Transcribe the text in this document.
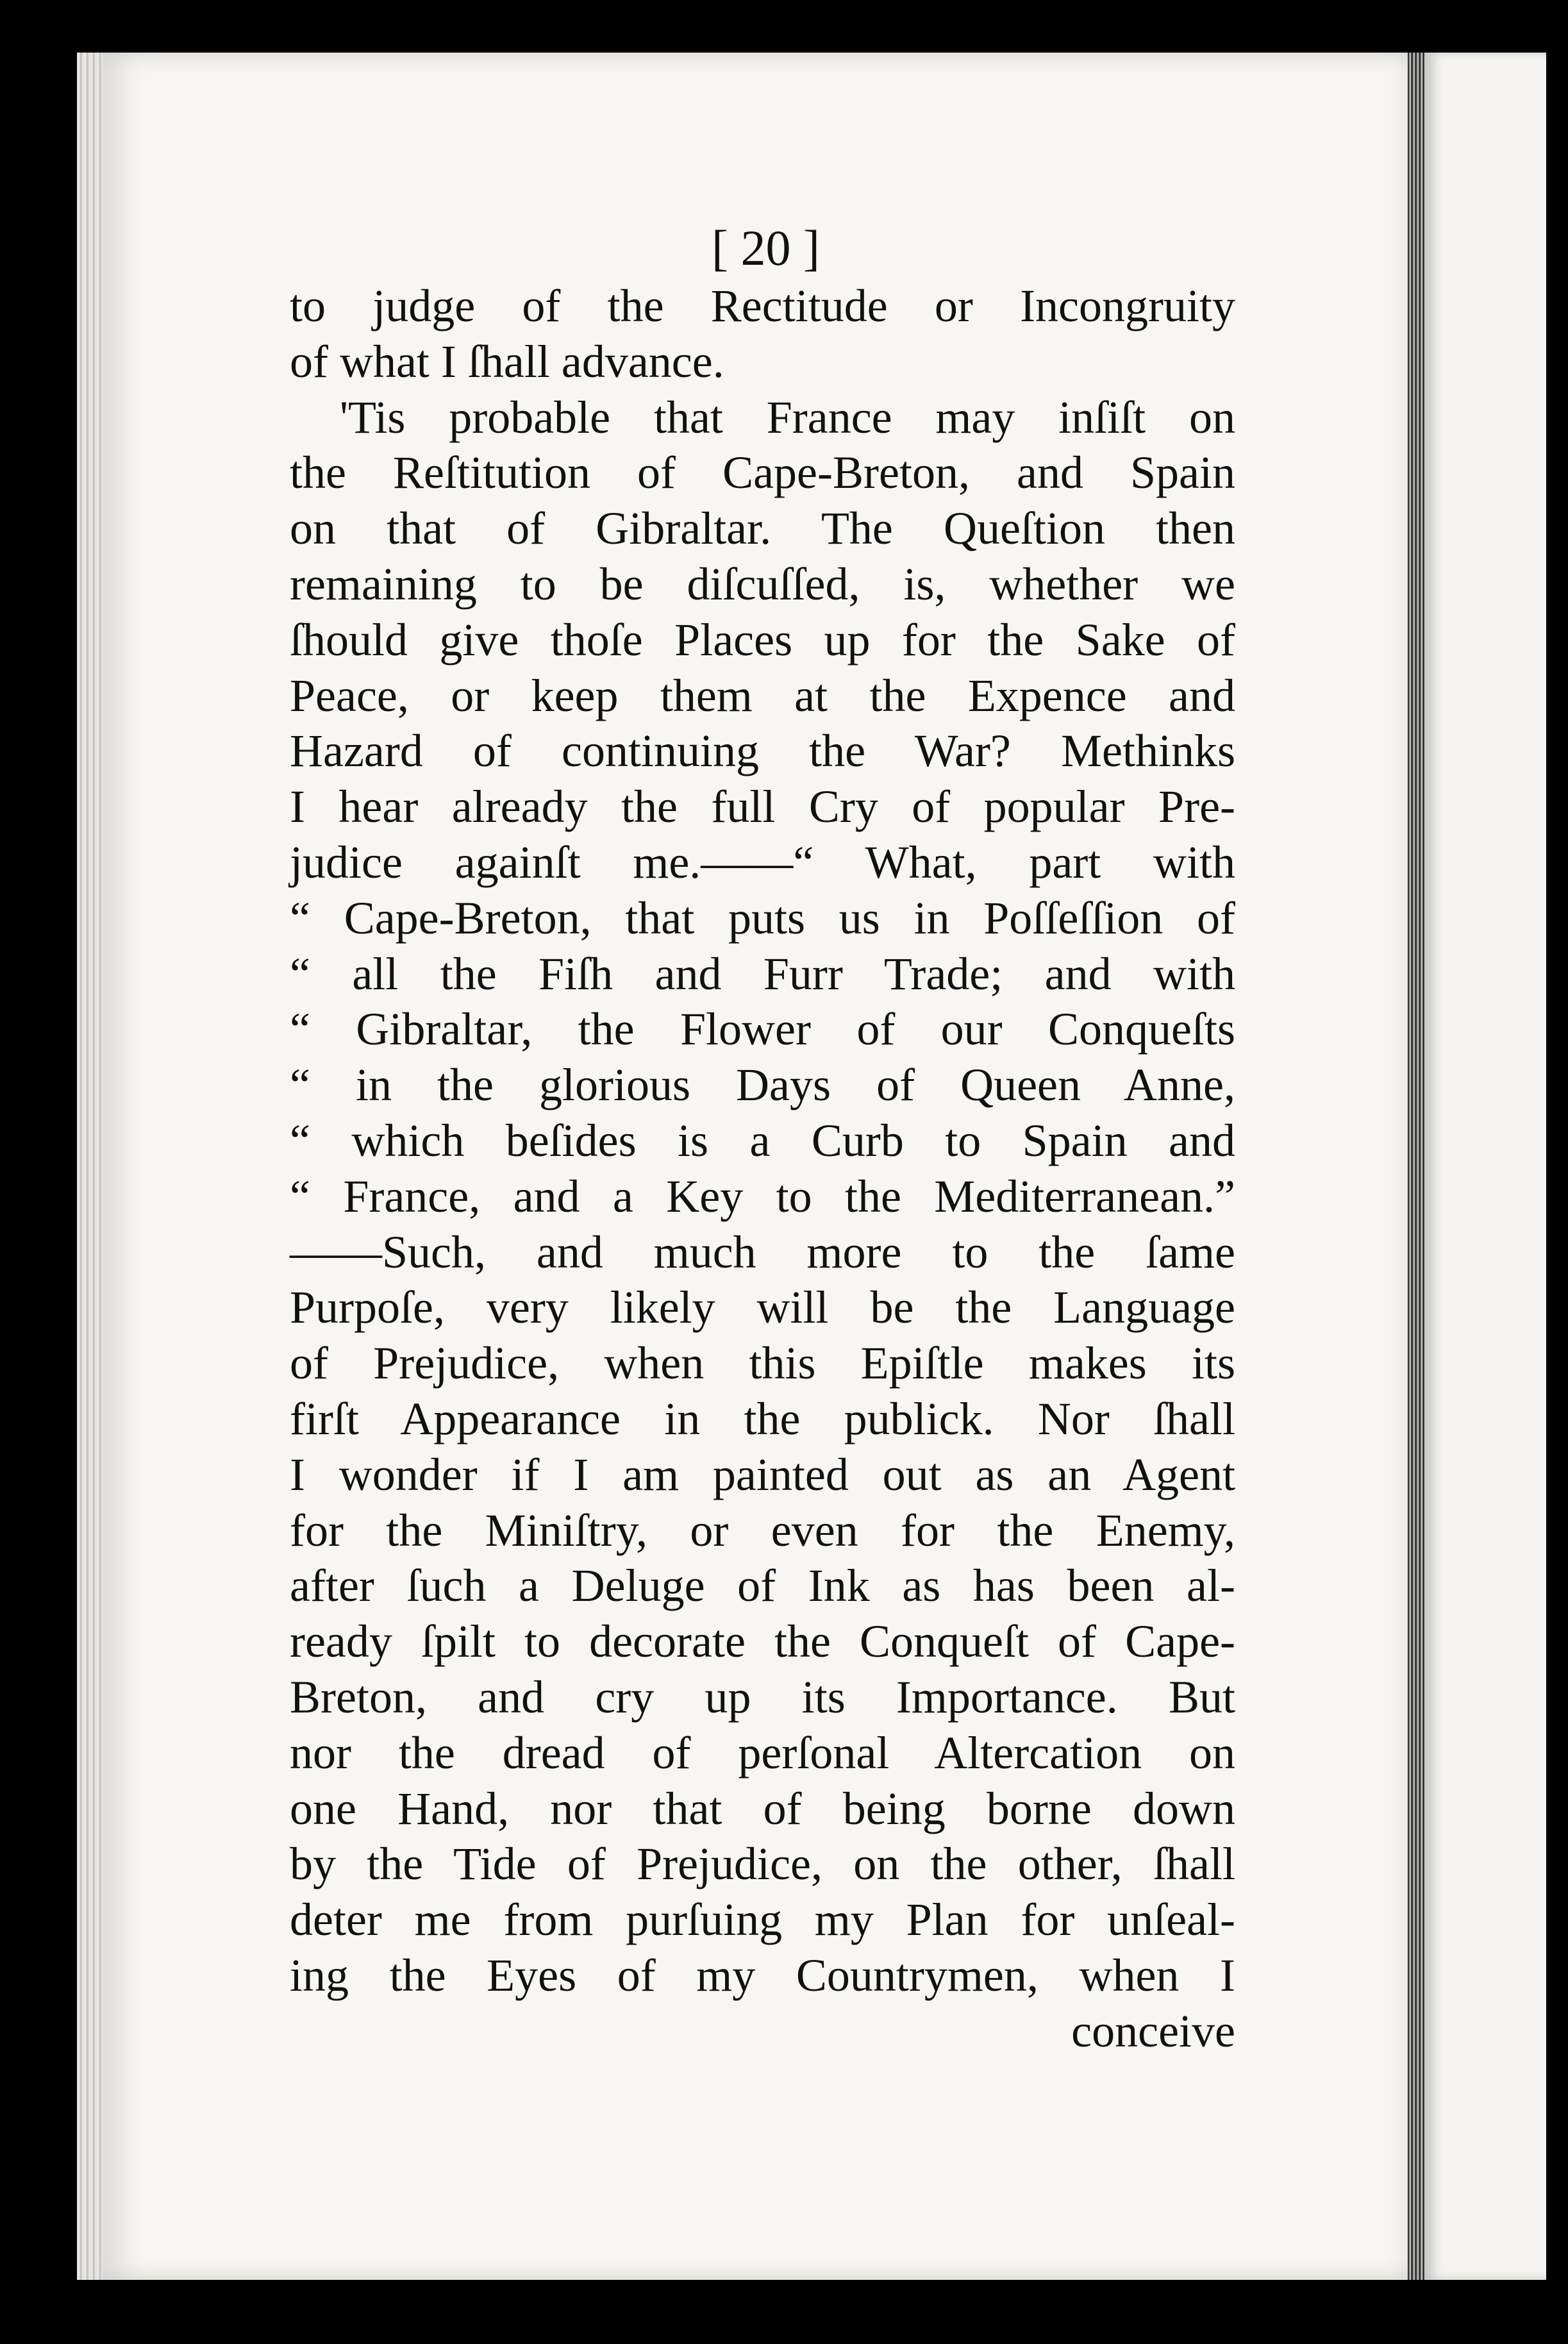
[ 20 ]
to judge of the Rectitude or Incongruity
of what I ſhall advance.
'Tis probable that France may inſiſt on
the Reſtitution of Cape-Breton, and Spain
on that of Gibraltar. The Queſtion then
remaining to be diſcuſſed, is, whether we
ſhould give thoſe Places up for the Sake of
Peace, or keep them at the Expence and
Hazard of continuing the War? Methinks
I hear already the full Cry of popular Pre-
judice againſt me.——“ What, part with
“ Cape-Breton, that puts us in Poſſeſſion of
“ all the Fiſh and Furr Trade; and with
“ Gibraltar, the Flower of our Conqueſts
“ in the glorious Days of Queen Anne,
“ which beſides is a Curb to Spain and
“ France, and a Key to the Mediterranean.”
——Such, and much more to the ſame
Purpoſe, very likely will be the Language
of Prejudice, when this Epiſtle makes its
firſt Appearance in the publick. Nor ſhall
I wonder if I am painted out as an Agent
for the Miniſtry, or even for the Enemy,
after ſuch a Deluge of Ink as has been al-
ready ſpilt to decorate the Conqueſt of Cape-
Breton, and cry up its Importance. But
nor the dread of perſonal Altercation on
one Hand, nor that of being borne down
by the Tide of Prejudice, on the other, ſhall
deter me from purſuing my Plan for unſeal-
ing the Eyes of my Countrymen, when I
conceive
